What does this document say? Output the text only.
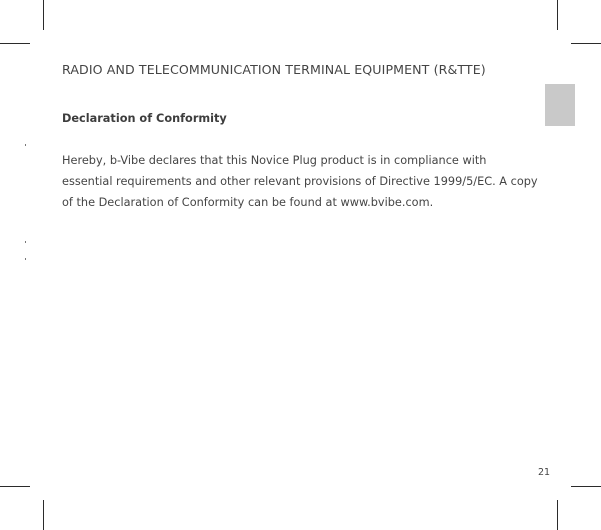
RADIO AND TELECOMMUNICATION TERMINAL EQUIPMENT (R&TTE)
Declaration of Conformity

Hereby, b-Vibe declares that this Novice Plug product is in compliance with essential requirements and other relevant provisions of Directive 1999/5/EC. A copy of the Declaration of Conformity can be found at www.bvibe.com.

21
